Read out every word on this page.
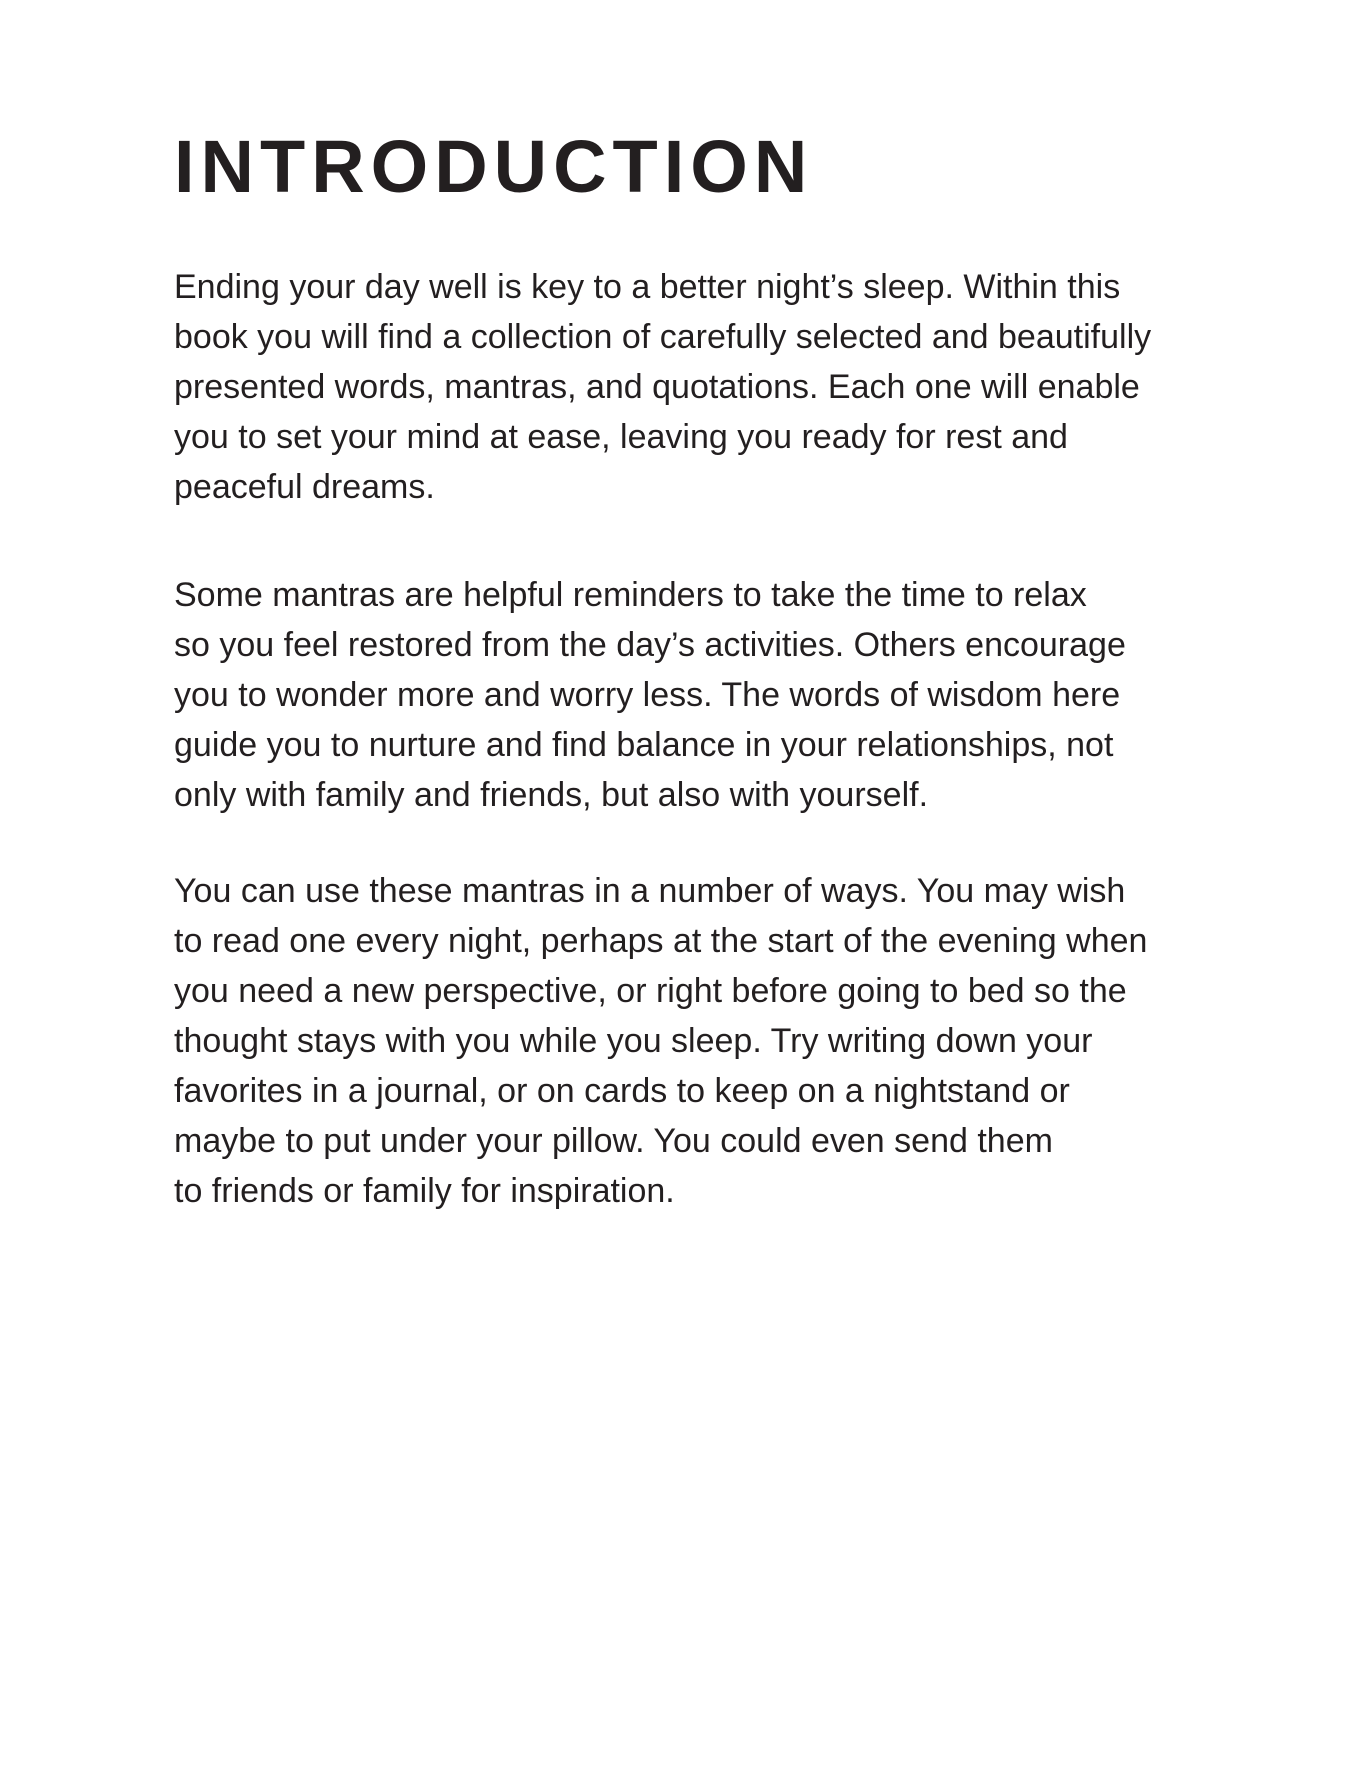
INTRODUCTION

Ending your day well is key to a better night’s sleep. Within this
book you will find a collection of carefully selected and beautifully
presented words, mantras, and quotations. Each one will enable
you to set your mind at ease, leaving you ready for rest and
peaceful dreams.

Some mantras are helpful reminders to take the time to relax
so you feel restored from the day’s activities. Others encourage
you to wonder more and worry less. The words of wisdom here
guide you to nurture and find balance in your relationships, not
only with family and friends, but also with yourself.

You can use these mantras in a number of ways. You may wish
to read one every night, perhaps at the start of the evening when
you need a new perspective, or right before going to bed so the
thought stays with you while you sleep. Try writing down your
favorites in a journal, or on cards to keep on a nightstand or
maybe to put under your pillow. You could even send them
to friends or family for inspiration.
